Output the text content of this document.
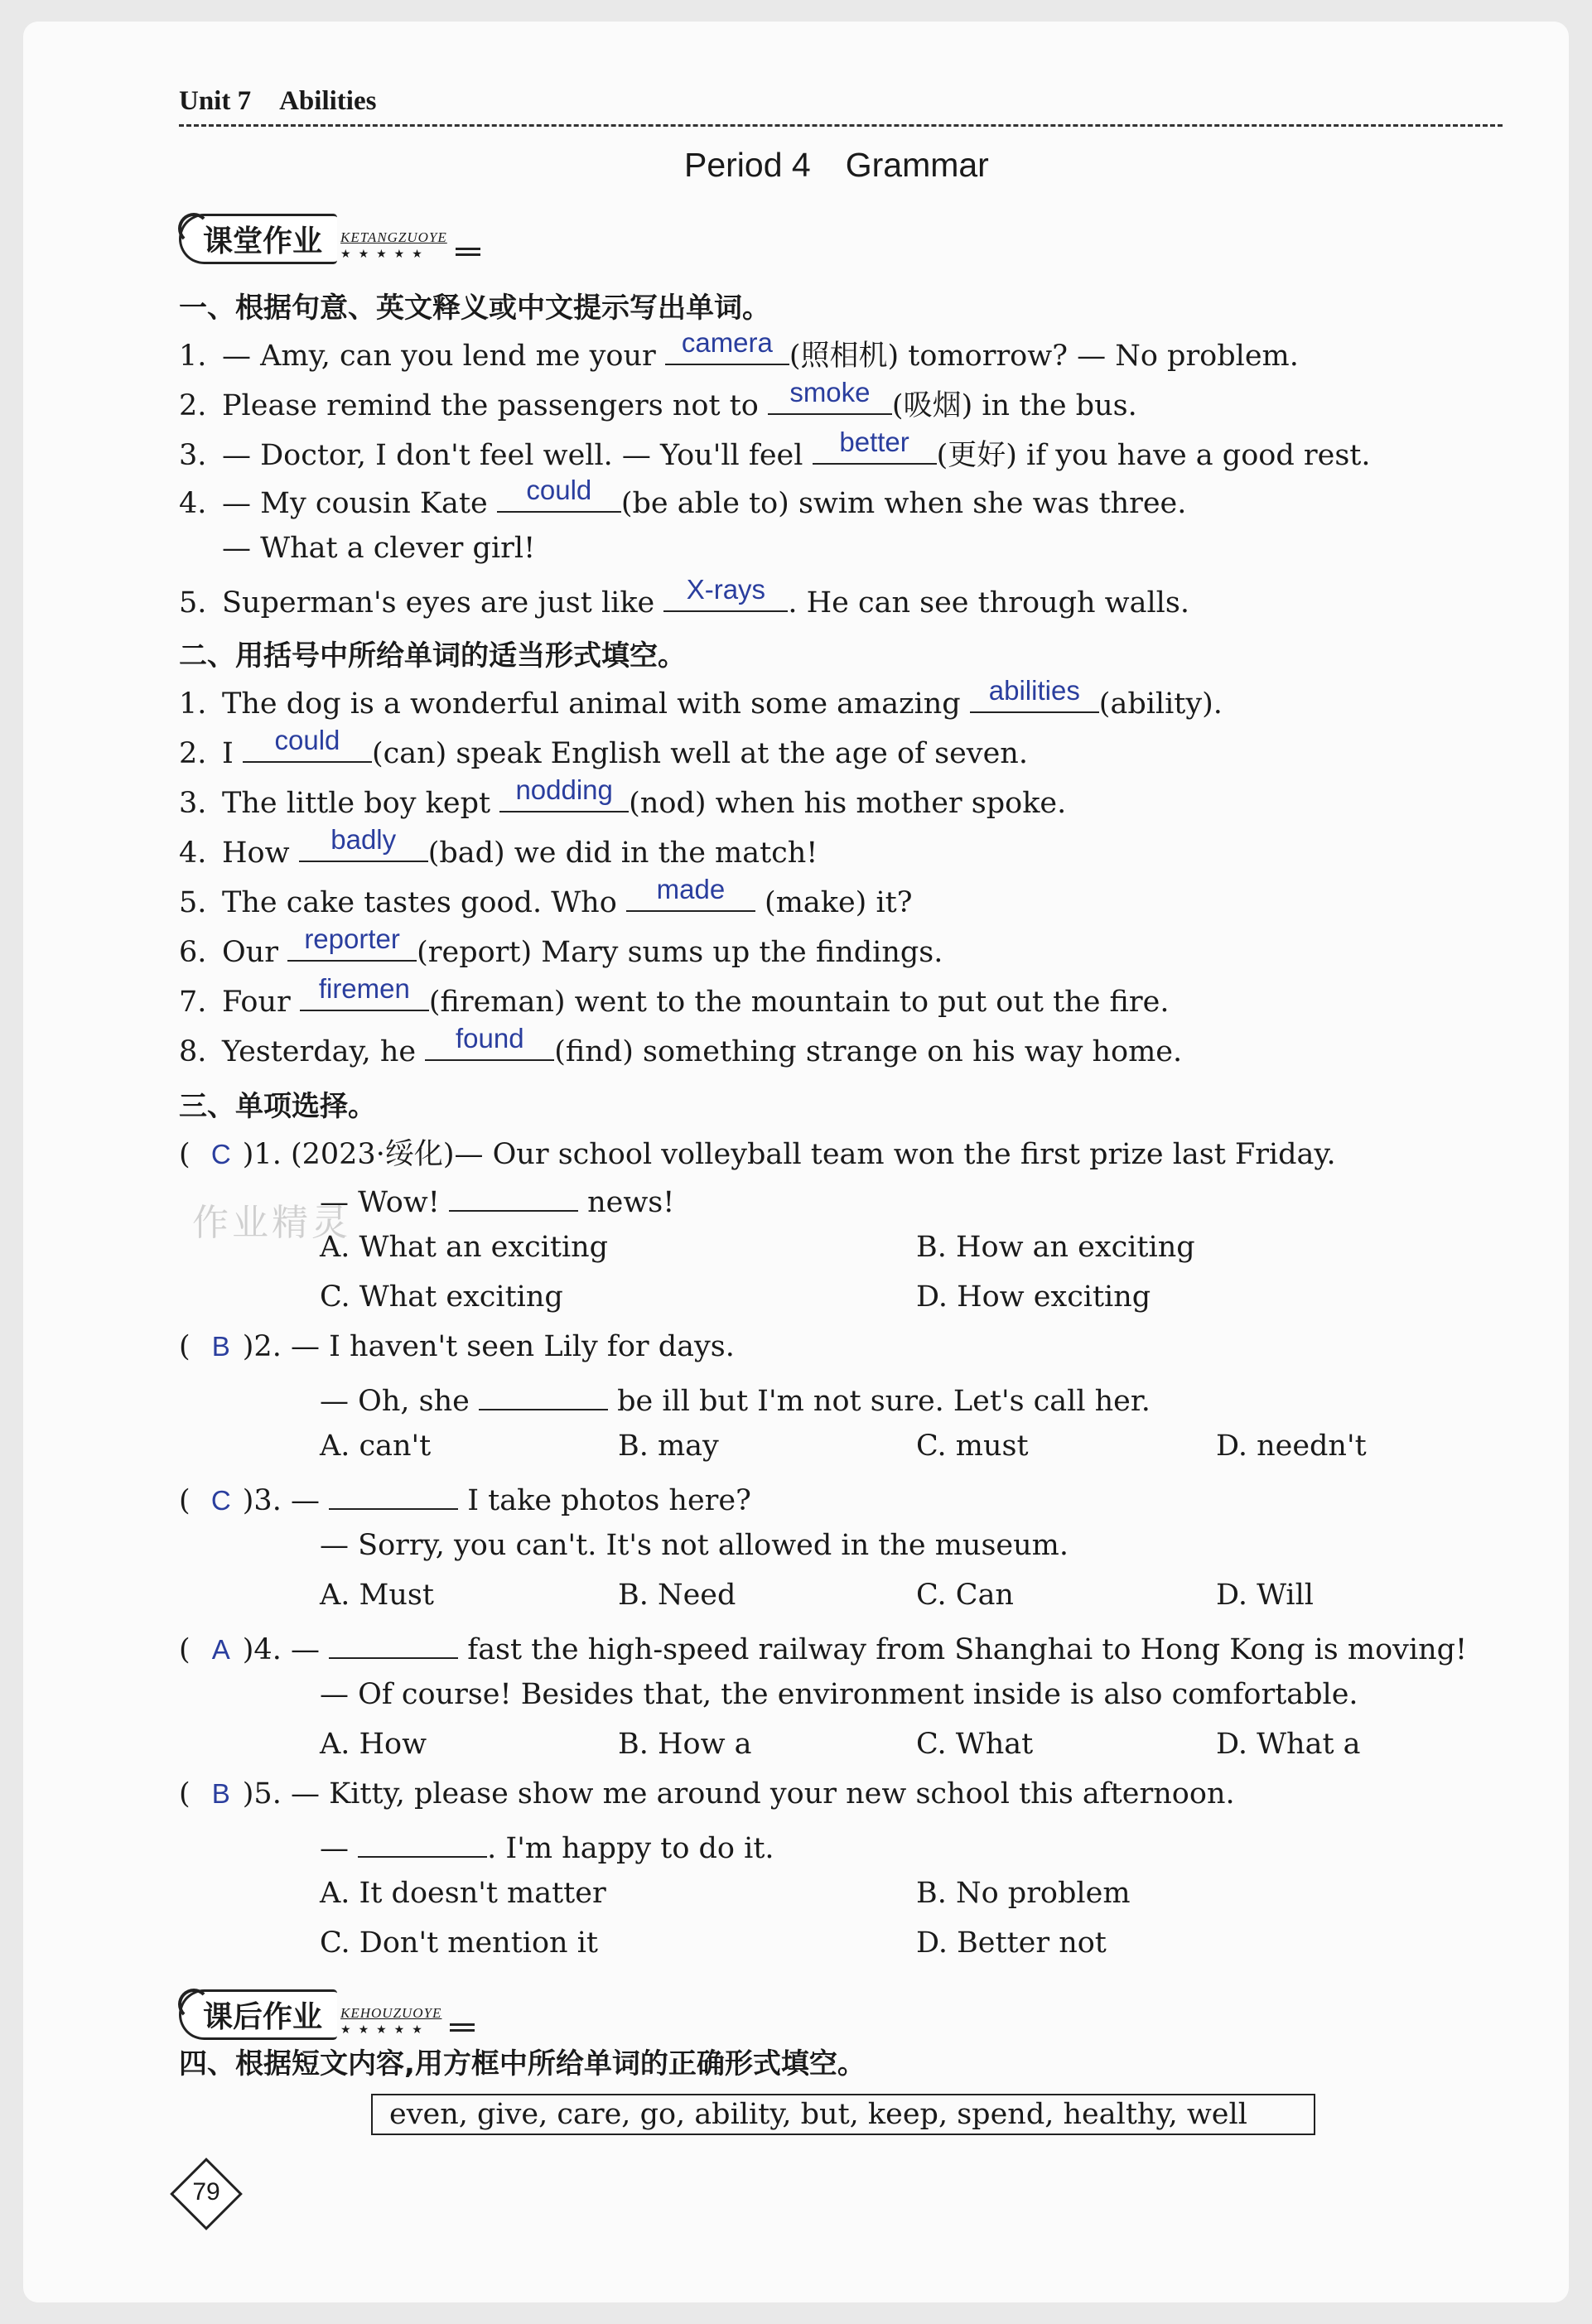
Unit 7 Abilities
Period 4 Grammar
课堂作业	KETANGZUOYE
★★★★★
一、根据句意、英文释义或中文提示写出单词。
1. — Amy, can you lend me your camera (照相机) tomorrow? — No problem.
2. Please remind the passengers not to smoke (吸烟) in the bus.
3. — Doctor, I don't feel well. — You'll feel better (更好) if you have a good rest.
4. — My cousin Kate	could	(be able to) swim when she was three.
— What a clever girl!
5. Superman's eyes are just like X-rays . He can see through walls.
二、用括号中所给单词的适当形式填空。
1. The dog is a wonderful animal with some amazing abilities (ability).
2. I	could	(can) speak English well at the age of seven.
3. The little boy kept nodding (nod) when his mother spoke.
4. How	badly	(bad) we did in the match!
5. The cake tastes good. Who	made	(make) it?
6. Our reporter (report) Mary sums up the findings.
7. Four firemen (fireman) went to the mountain to put out the fire.
8. Yesterday, he	found	(find) something strange on his way home.
三、单项选择。
作业精灵
( C )1. (2023·绥化)— Our school volleyball team won the first prize last Friday.
— Wow!	news!
A. What an exciting	B. How an exciting
C. What exciting	D. How exciting
( B )2. — I haven't seen Lily for days.
— Oh, she	be ill but I'm not sure. Let's call her.
A. can't	B. may	C. must	D. needn't
( C )3. —	I take photos here?
— Sorry, you can't. It's not allowed in the museum.
A. Must	B. Need	C. Can	D. Will
( A )4. —	fast the high-speed railway from Shanghai to Hong Kong is moving!
— Of course! Besides that, the environment inside is also comfortable.
A. How	B. How a	C. What	D. What a
( B )5. — Kitty, please show me around your new school this afternoon.
—	. I'm happy to do it.
A. It doesn't matter	B. No problem
C. Don't mention it	D. Better not
课后作业	KEHOUZUOYE
★★★★★
四、根据短文内容,用方框中所给单词的正确形式填空。
even , give , care , go , ability , but , keep , spend , healthy , well
79
